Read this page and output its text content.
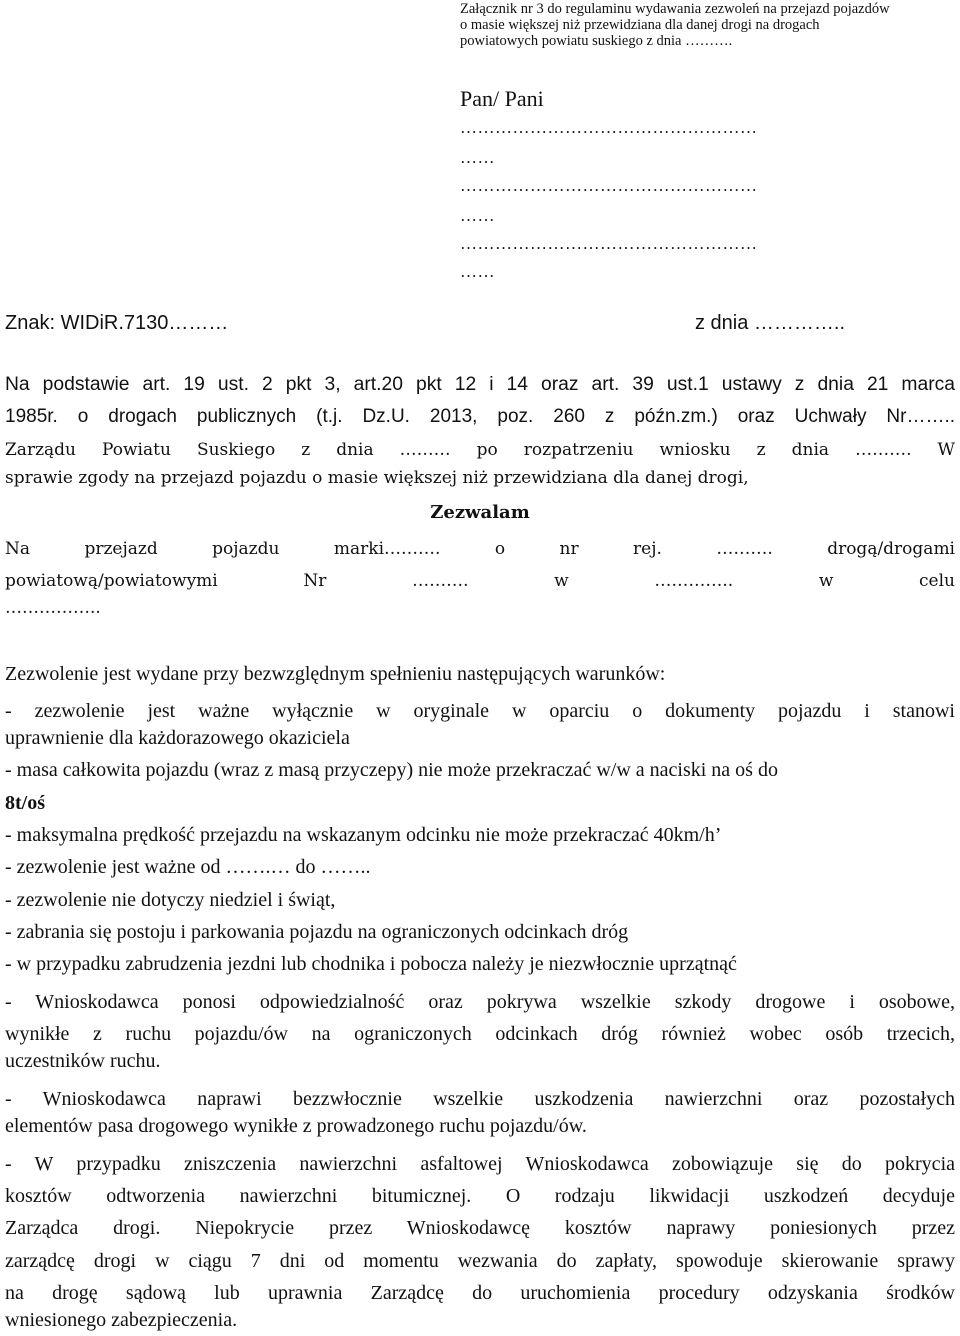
Załącznik nr 3 do regulaminu wydawania zezwoleń na przejazd pojazdów o masie większej niż przewidziana dla danej drogi na drogach powiatowych powiatu suskiego z dnia ……….
Pan/ Pani
……………………………………………
……
……………………………………………
……
……………………………………………
……
Znak: WIDiR.7130………	z dnia …………..
Na podstawie art. 19 ust. 2 pkt 3, art.20 pkt 12 i 14 oraz art. 39 ust.1 ustawy z dnia 21 marca
1985r. o drogach publicznych (t.j. Dz.U. 2013, poz. 260 z późn.zm.) oraz Uchwały Nr……..
Zarządu Powiatu Suskiego z dnia ……… po rozpatrzeniu wniosku z dnia ………. W
sprawie zgody na przejazd pojazdu o masie większej niż przewidziana dla danej drogi,
Zezwalam
Na przejazd pojazdu marki………. o nr rej. ………. drogą/drogami
powiatową/powiatowymi Nr ………. w ………….. w celu
……………..
Zezwolenie jest wydane przy bezwzględnym spełnieniu następujących warunków:
- zezwolenie jest ważne wyłącznie w oryginale w oparciu o dokumenty pojazdu i stanowi
uprawnienie dla każdorazowego okaziciela
- masa całkowita pojazdu (wraz z masą przyczepy) nie może przekraczać w/w a naciski na oś do
8t/oś
- maksymalna prędkość przejazdu na wskazanym odcinku nie może przekraczać 40km/h’
- zezwolenie jest ważne od …….… do ……..
- zezwolenie nie dotyczy niedziel i świąt,
- zabrania się postoju i parkowania pojazdu na ograniczonych odcinkach dróg
- w przypadku zabrudzenia jezdni lub chodnika i pobocza należy je niezwłocznie uprzątnąć
- Wnioskodawca ponosi odpowiedzialność oraz pokrywa wszelkie szkody drogowe i osobowe,
wynikłe z ruchu pojazdu/ów na ograniczonych odcinkach dróg również wobec osób trzecich,
uczestników ruchu.
- Wnioskodawca naprawi bezzwłocznie wszelkie uszkodzenia nawierzchni oraz pozostałych
elementów pasa drogowego wynikłe z prowadzonego ruchu pojazdu/ów.
- W przypadku zniszczenia nawierzchni asfaltowej Wnioskodawca zobowiązuje się do pokrycia
kosztów odtworzenia nawierzchni bitumicznej. O rodzaju likwidacji uszkodzeń decyduje
Zarządca drogi. Niepokrycie przez Wnioskodawcę kosztów naprawy poniesionych przez
zarządcę drogi w ciągu 7 dni od momentu wezwania do zapłaty, spowoduje skierowanie sprawy
na drogę sądową lub uprawnia Zarządcę do uruchomienia procedury odzyskania środków
wniesionego zabezpieczenia.
